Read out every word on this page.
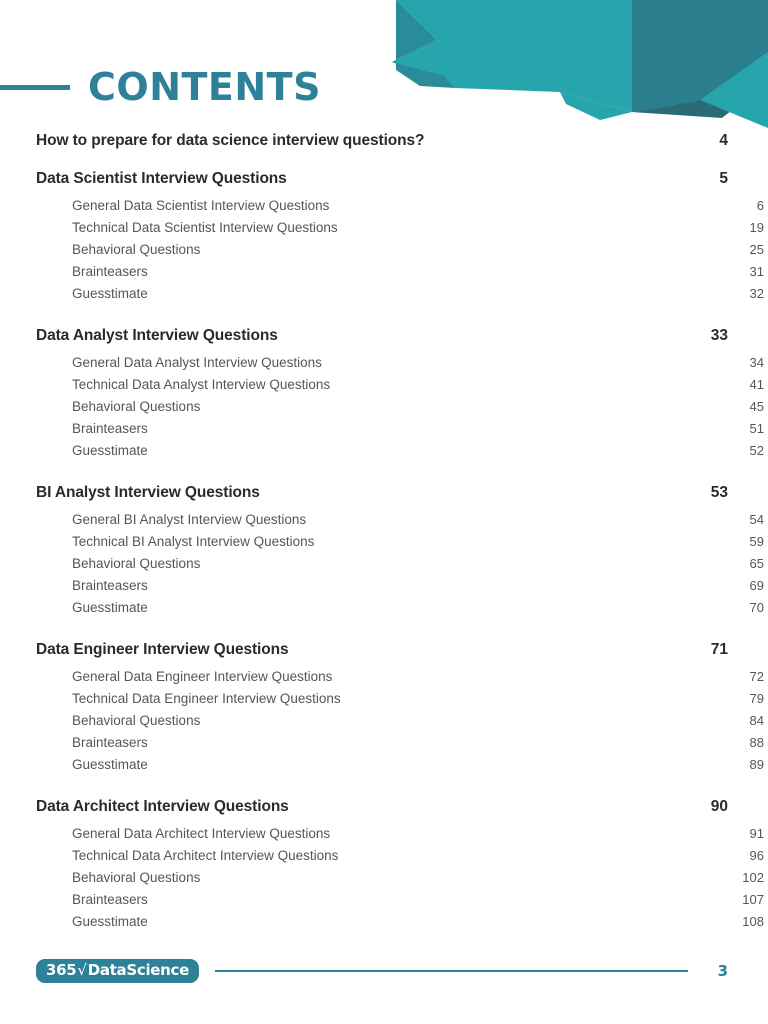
CONTENTS
How to prepare for data science interview questions?	4
Data Scientist Interview Questions	5
General Data Scientist Interview Questions	6
Technical Data Scientist Interview Questions	19
Behavioral Questions	25
Brainteasers	31
Guesstimate	32
Data Analyst Interview Questions	33
General Data Analyst Interview Questions	34
Technical Data Analyst Interview Questions	41
Behavioral Questions	45
Brainteasers	51
Guesstimate	52
BI Analyst Interview Questions	53
General BI Analyst Interview Questions	54
Technical BI Analyst Interview Questions	59
Behavioral Questions	65
Brainteasers	69
Guesstimate	70
Data Engineer Interview Questions	71
General Data Engineer Interview Questions	72
Technical Data Engineer Interview Questions	79
Behavioral Questions	84
Brainteasers	88
Guesstimate	89
Data Architect Interview Questions	90
General Data Architect Interview Questions	91
Technical Data Architect Interview Questions	96
Behavioral Questions	102
Brainteasers	107
Guesstimate	108
365√DataScience	3
